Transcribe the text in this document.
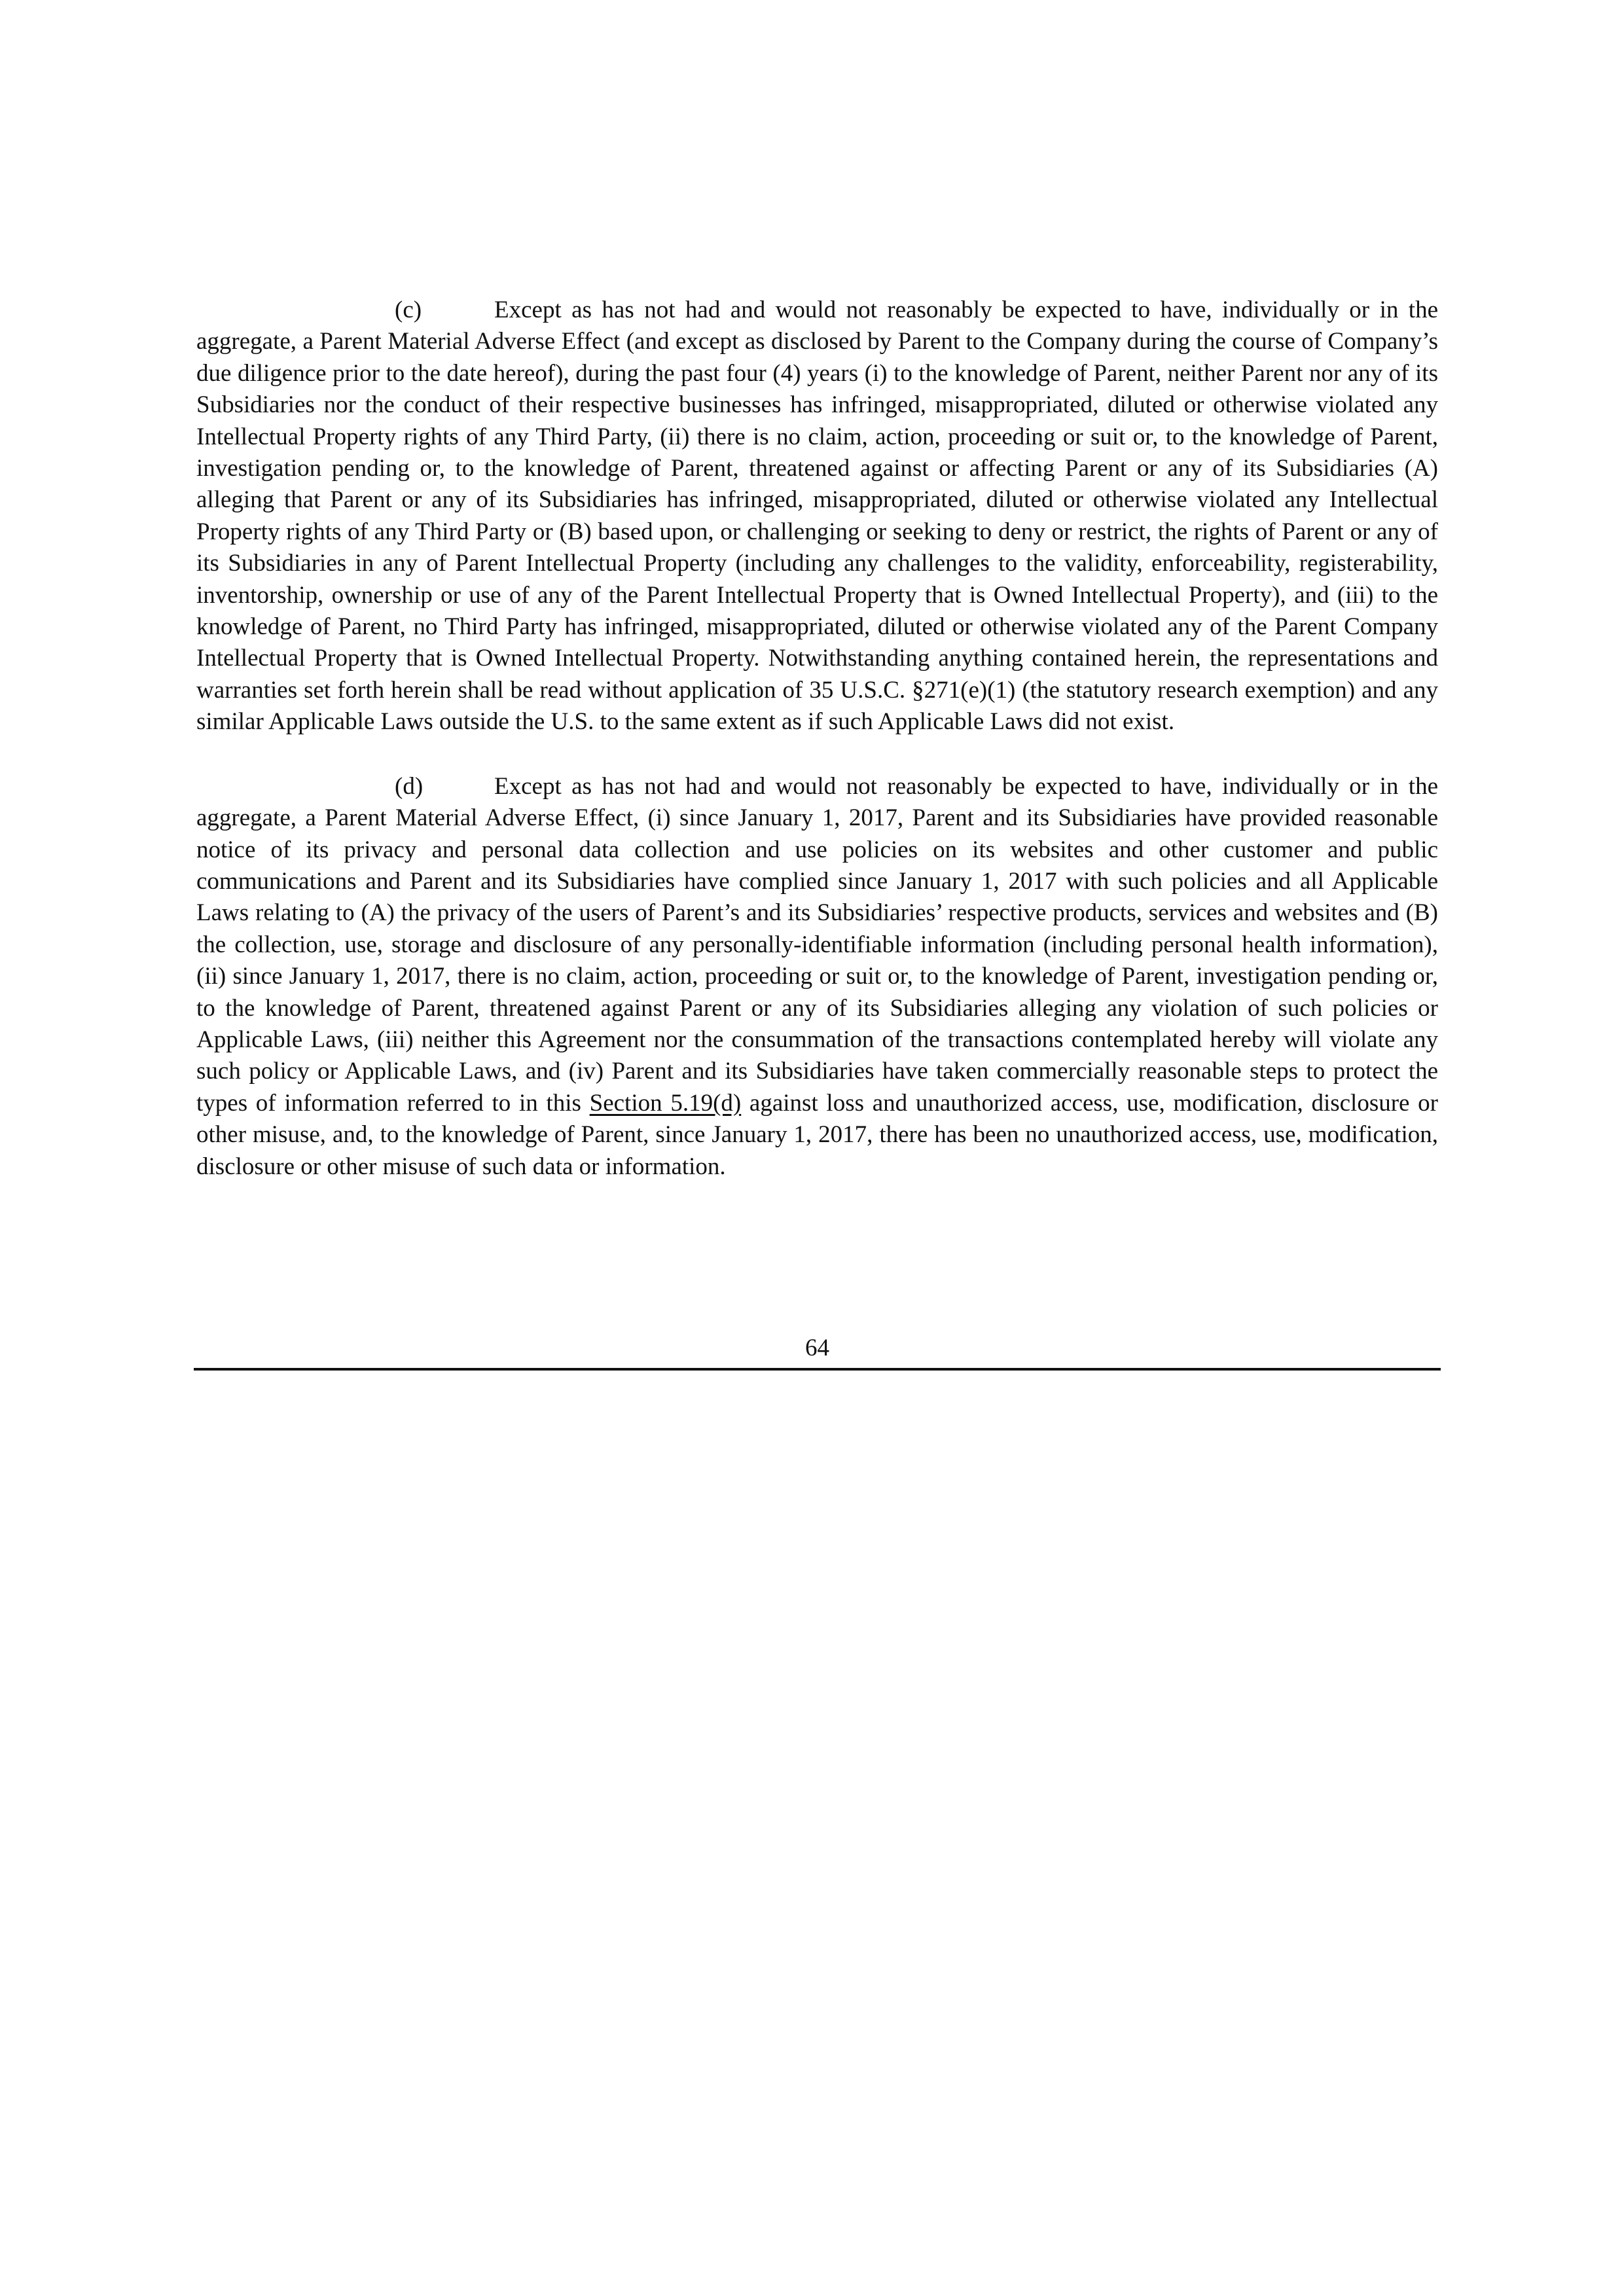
(c)	Except as has not had and would not reasonably be expected to have, individually or in the aggregate, a Parent Material Adverse Effect (and except as disclosed by Parent to the Company during the course of Company’s due diligence prior to the date hereof), during the past four (4) years (i) to the knowledge of Parent, neither Parent nor any of its Subsidiaries nor the conduct of their respective businesses has infringed, misappropriated, diluted or otherwise violated any Intellectual Property rights of any Third Party, (ii) there is no claim, action, proceeding or suit or, to the knowledge of Parent, investigation pending or, to the knowledge of Parent, threatened against or affecting Parent or any of its Subsidiaries (A) alleging that Parent or any of its Subsidiaries has infringed, misappropriated, diluted or otherwise violated any Intellectual Property rights of any Third Party or (B) based upon, or challenging or seeking to deny or restrict, the rights of Parent or any of its Subsidiaries in any of Parent Intellectual Property (including any challenges to the validity, enforceability, registerability, inventorship, ownership or use of any of the Parent Intellectual Property that is Owned Intellectual Property), and (iii) to the knowledge of Parent, no Third Party has infringed, misappropriated, diluted or otherwise violated any of the Parent Company Intellectual Property that is Owned Intellectual Property. Notwithstanding anything contained herein, the representations and warranties set forth herein shall be read without application of 35 U.S.C. §271(e)(1) (the statutory research exemption) and any similar Applicable Laws outside the U.S. to the same extent as if such Applicable Laws did not exist.

(d)	Except as has not had and would not reasonably be expected to have, individually or in the aggregate, a Parent Material Adverse Effect, (i) since January 1, 2017, Parent and its Subsidiaries have provided reasonable notice of its privacy and personal data collection and use policies on its websites and other customer and public communications and Parent and its Subsidiaries have complied since January 1, 2017 with such policies and all Applicable Laws relating to (A) the privacy of the users of Parent’s and its Subsidiaries’ respective products, services and websites and (B) the collection, use, storage and disclosure of any personally-identifiable information (including personal health information), (ii) since January 1, 2017, there is no claim, action, proceeding or suit or, to the knowledge of Parent, investigation pending or, to the knowledge of Parent, threatened against Parent or any of its Subsidiaries alleging any violation of such policies or Applicable Laws, (iii) neither this Agreement nor the consummation of the transactions contemplated hereby will violate any such policy or Applicable Laws, and (iv) Parent and its Subsidiaries have taken commercially reasonable steps to protect the types of information referred to in this Section 5.19(d) against loss and unauthorized access, use, modification, disclosure or other misuse, and, to the knowledge of Parent, since January 1, 2017, there has been no unauthorized access, use, modification, disclosure or other misuse of such data or information.

64
